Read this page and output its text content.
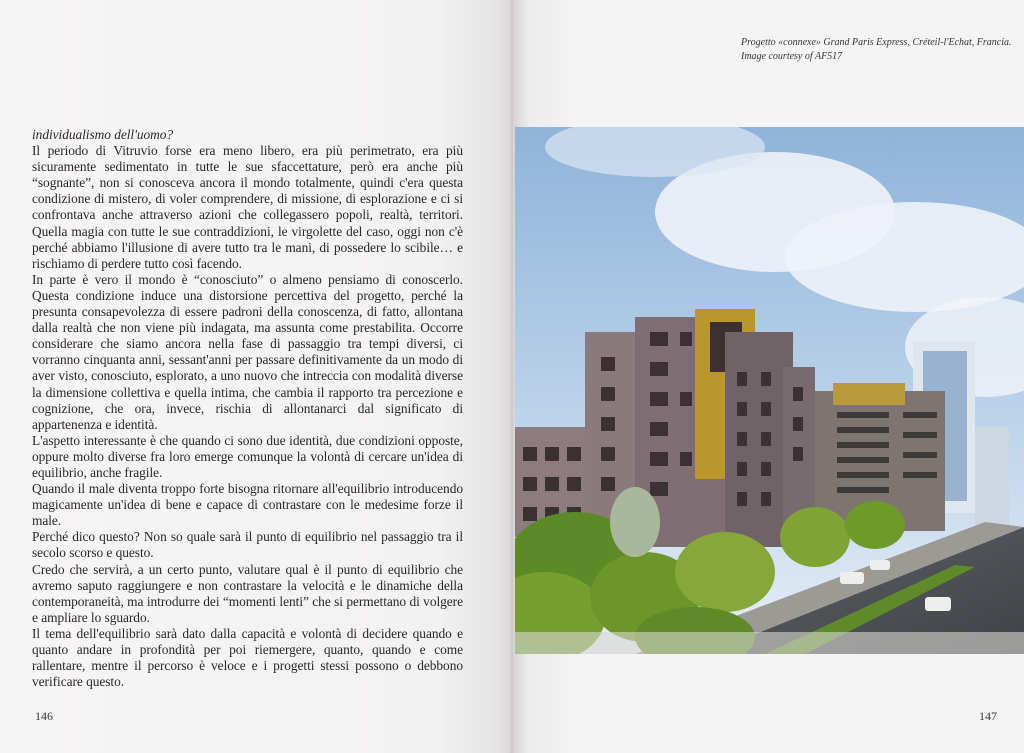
individualismo dell'uomo?

Il periodo di Vitruvio forse era meno libero, era più perimetrato, era più sicuramente sedimentato in tutte le sue sfaccettature, però era anche più “sognante”, non si conosceva ancora il mondo totalmente, quindi c'era questa condizione di mistero, di voler comprendere, di missione, di esplorazione e ci si confrontava anche attraverso azioni che collegassero popoli, realtà, territori. Quella magia con tutte le sue contraddizioni, le virgolette del caso, oggi non c'è perché abbiamo l'illusione di avere tutto tra le mani, di possedere lo scibile… e rischiamo di perdere tutto così facendo.

In parte è vero il mondo è “conosciuto” o almeno pensiamo di conoscerlo. Questa condizione induce una distorsione percettiva del progetto, perché la presunta consapevolezza di essere padroni della conoscenza, di fatto, allontana dalla realtà che non viene più indagata, ma assunta come prestabilita. Occorre considerare che siamo ancora nella fase di passaggio tra tempi diversi, ci vorranno cinquanta anni, sessant'anni per passare definitivamente da un modo di aver visto, conosciuto, esplorato, a uno nuovo che intreccia con modalità diverse la dimensione collettiva e quella intima, che cambia il rapporto tra percezione e cognizione, che ora, invece, rischia di allontanarci dal significato di appartenenza e identità.

L'aspetto interessante è che quando ci sono due identità, due condizioni opposte, oppure molto diverse fra loro emerge comunque la volontà di cercare un'idea di equilibrio, anche fragile.

Quando il male diventa troppo forte bisogna ritornare all'equilibrio introducendo magicamente un'idea di bene e capace di contrastare con le medesime forze il male.

Perché dico questo? Non so quale sarà il punto di equilibrio nel passaggio tra il secolo scorso e questo.

Credo che servirà, a un certo punto, valutare qual è il punto di equilibrio che avremo saputo raggiungere e non contrastare la velocità e le dinamiche della contemporaneità, ma introdurre dei “momenti lenti” che si permettano di volgere e ampliare lo sguardo.

Il tema dell'equilibrio sarà dato dalla capacità e volontà di decidere quando e quanto andare in profondità per poi riemergere, quanto, quando e come rallentare, mentre il percorso è veloce e i progetti stessi possono o debbono verificare questo.

146
Progetto «connexe» Grand Paris Express, Créteil-l'Echat, Francia.
Image courtesy of AF517
147
